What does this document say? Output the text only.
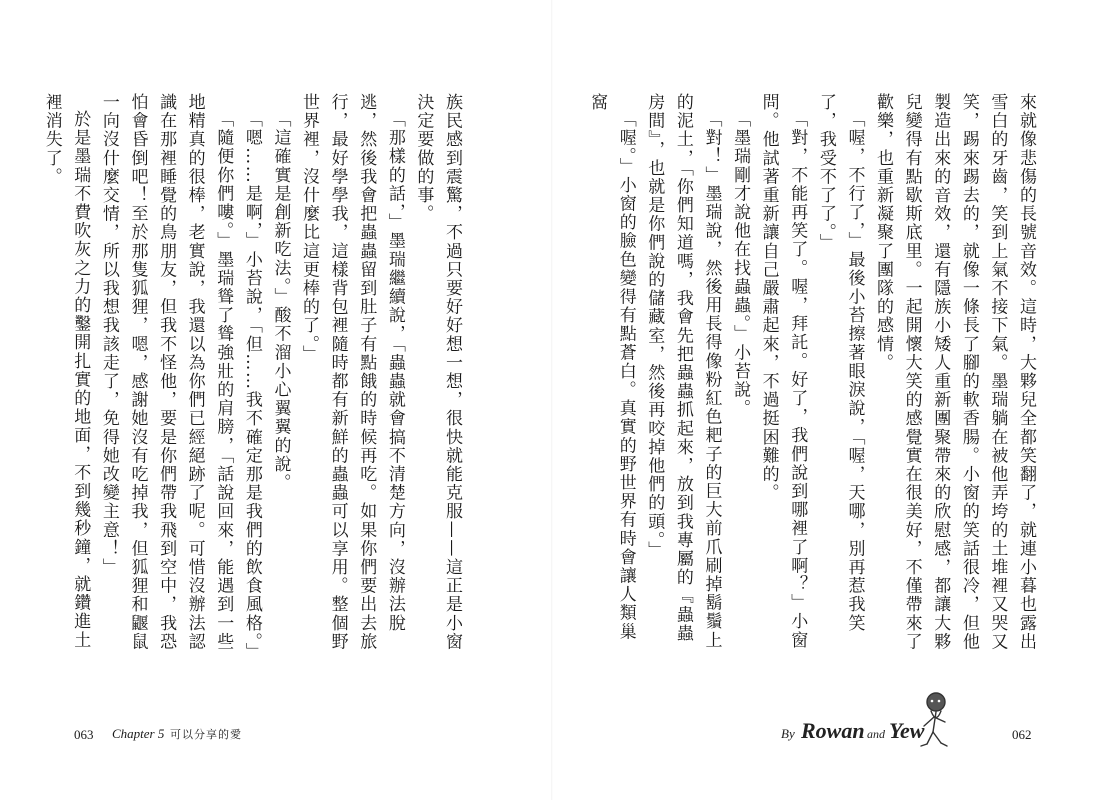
族民感到震驚，不過只要好好想一想，很快就能克服——這正是小窗決定要做的事。

「那樣的話，」墨瑞繼續說，「蟲蟲就會搞不清楚方向，沒辦法脫逃，然後我會把蟲蟲留到肚子有點餓的時候再吃。如果你們要出去旅行，最好學學我，這樣背包裡隨時都有新鮮的蟲蟲可以享用。整個野世界裡，沒什麼比這更棒的了。」

「這確實是創新吃法。」酸不溜小心翼翼的說。

「嗯……是啊，」小苔說，「但……我不確定那是我們的飲食風格。」

「隨便你們嘍。」墨瑞聳了聳強壯的肩膀，「話說回來，能遇到一些地精真的很棒，老實說，我還以為你們已經絕跡了呢。可惜沒辦法認識在那裡睡覺的鳥朋友，但我不怪他，要是你們帶我飛到空中，我恐怕會昏倒吧！至於那隻狐狸，嗯，感謝她沒有吃掉我，但狐狸和鼴鼠一向沒什麼交情，所以我想我該走了，免得她改變主意！」

於是墨瑞不費吹灰之力的鑿開扎實的地面，不到幾秒鐘，就鑽進土裡消失了。

063 Chapter 5 可以分享的愛

來就像悲傷的長號音效。這時，大夥兒全都笑翻了，就連小暮也露出雪白的牙齒，笑到上氣不接下氣。墨瑞躺在被他弄垮的土堆裡又哭又笑，踢來踢去的，就像一條長了腳的軟香腸。小窗的笑話很冷，但他製造出來的音效，還有隱族小矮人重新團聚帶來的欣慰感，都讓大夥兒變得有點歇斯底里。一起開懷大笑的感覺實在很美好，不僅帶來了歡樂，也重新凝聚了團隊的感情。

「喔，不行了，」最後小苔擦著眼淚說，「喔，天哪，別再惹我笑了，我受不了了。」

「對，不能再笑了。喔，拜託。好了，我們說到哪裡了啊？」小窗問。他試著重新讓自己嚴肅起來，不過挺困難的。

「墨瑞剛才說他在找蟲蟲。」小苔說。

「對！」墨瑞說，然後用長得像粉紅色耙子的巨大前爪刷掉鬍鬚上的泥土，「你們知道嗎，我會先把蟲蟲抓起來，放到我專屬的『蟲蟲房間』，也就是你們說的儲藏室，然後再咬掉他們的頭。」

「喔。」小窗的臉色變得有點蒼白。真實的野世界有時會讓人類巢窩

By Rowan and Yew	062
